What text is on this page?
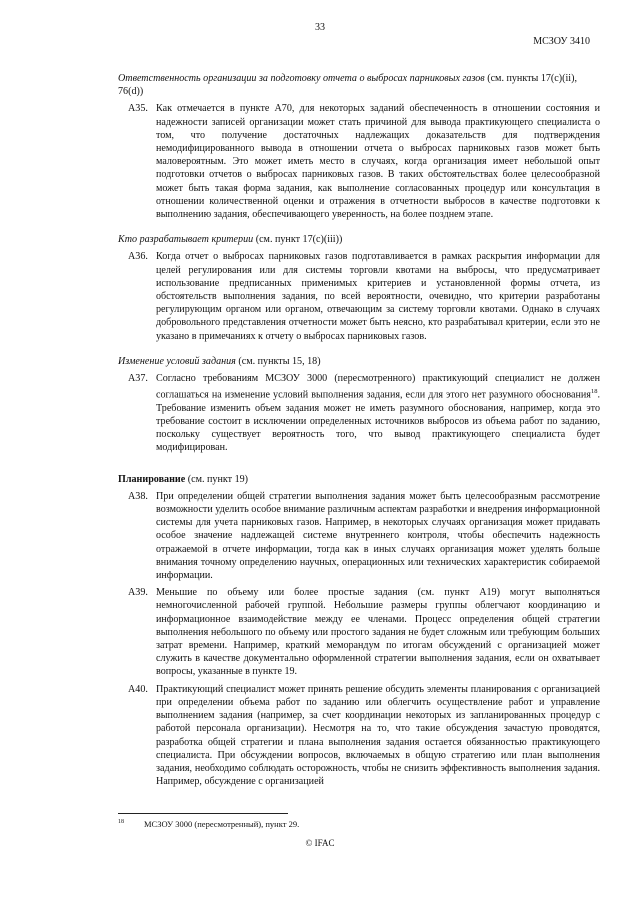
33
МСЗОУ 3410

Ответственность организации за подготовку отчета о выбросах парниковых газов (см. пункты 17(c)(ii), 76(d))

A35. Как отмечается в пункте A70, для некоторых заданий обеспеченность в отношении состояния и надежности записей организации может стать причиной для вывода практикующего специалиста о том, что получение достаточных надлежащих доказательств для подтверждения немодифицированного вывода в отношении отчета о выбросах парниковых газов может быть маловероятным. Это может иметь место в случаях, когда организация имеет небольшой опыт подготовки отчетов о выбросах парниковых газов. В таких обстоятельствах более целесообразной может быть такая форма задания, как выполнение согласованных процедур или консультация в отношении количественной оценки и отражения в отчетности выбросов в качестве подготовки к выполнению задания, обеспечивающего уверенность, на более позднем этапе.

Кто разрабатывает критерии (см. пункт 17(c)(iii))

A36. Когда отчет о выбросах парниковых газов подготавливается в рамках раскрытия информации для целей регулирования или для системы торговли квотами на выбросы, что предусматривает использование предписанных применимых критериев и установленной формы отчета, из обстоятельств выполнения задания, по всей вероятности, очевидно, что критерии разработаны регулирующим органом или органом, отвечающим за систему торговли квотами. Однако в случаях добровольного представления отчетности может быть неясно, кто разрабатывал критерии, если это не указано в примечаниях к отчету о выбросах парниковых газов.

Изменение условий задания (см. пункты 15, 18)

A37. Согласно требованиям МСЗОУ 3000 (пересмотренного) практикующий специалист не должен соглашаться на изменение условий выполнения задания, если для этого нет разумного обоснования$^{18}$. Требование изменить объем задания может не иметь разумного обоснования, например, когда это требование состоит в исключении определенных источников выбросов из объема работ по заданию, поскольку существует вероятность того, что вывод практикующего специалиста будет модифицирован.

Планирование (см. пункт 19)

A38. При определении общей стратегии выполнения задания может быть целесообразным рассмотрение возможности уделить особое внимание различным аспектам разработки и внедрения информационной системы для учета парниковых газов. Например, в некоторых случаях организация может придавать особое значение надлежащей системе внутреннего контроля, чтобы обеспечить надежность отражаемой в отчете информации, тогда как в иных случаях организация может уделять больше внимания точному определению научных, операционных или технических характеристик собираемой информации.
A39. Меньшие по объему или более простые задания (см. пункт A19) могут выполняться немногочисленной рабочей группой. Небольшие размеры группы облегчают координацию и информационное взаимодействие между ее членами. Процесс определения общей стратегии выполнения небольшого по объему или простого задания не будет сложным или требующим больших затрат времени. Например, краткий меморандум по итогам обсуждений с организацией может служить в качестве документально оформленной стратегии выполнения задания, если он охватывает вопросы, указанные в пункте 19.
A40. Практикующий специалист может принять решение обсудить элементы планирования с организацией при определении объема работ по заданию или облегчить осуществление работ и управление выполнением задания (например, за счет координации некоторых из запланированных процедур с работой персонала организации). Несмотря на то, что такие обсуждения зачастую проводятся, разработка общей стратегии и плана выполнения задания остается обязанностью практикующего специалиста. При обсуждении вопросов, включаемых в общую стратегию или план выполнения задания, необходимо соблюдать осторожность, чтобы не снизить эффективность выполнения задания. Например, обсуждение с организацией
$^{18}$ МСЗОУ 3000 (пересмотренный), пункт 29.
© IFAC
